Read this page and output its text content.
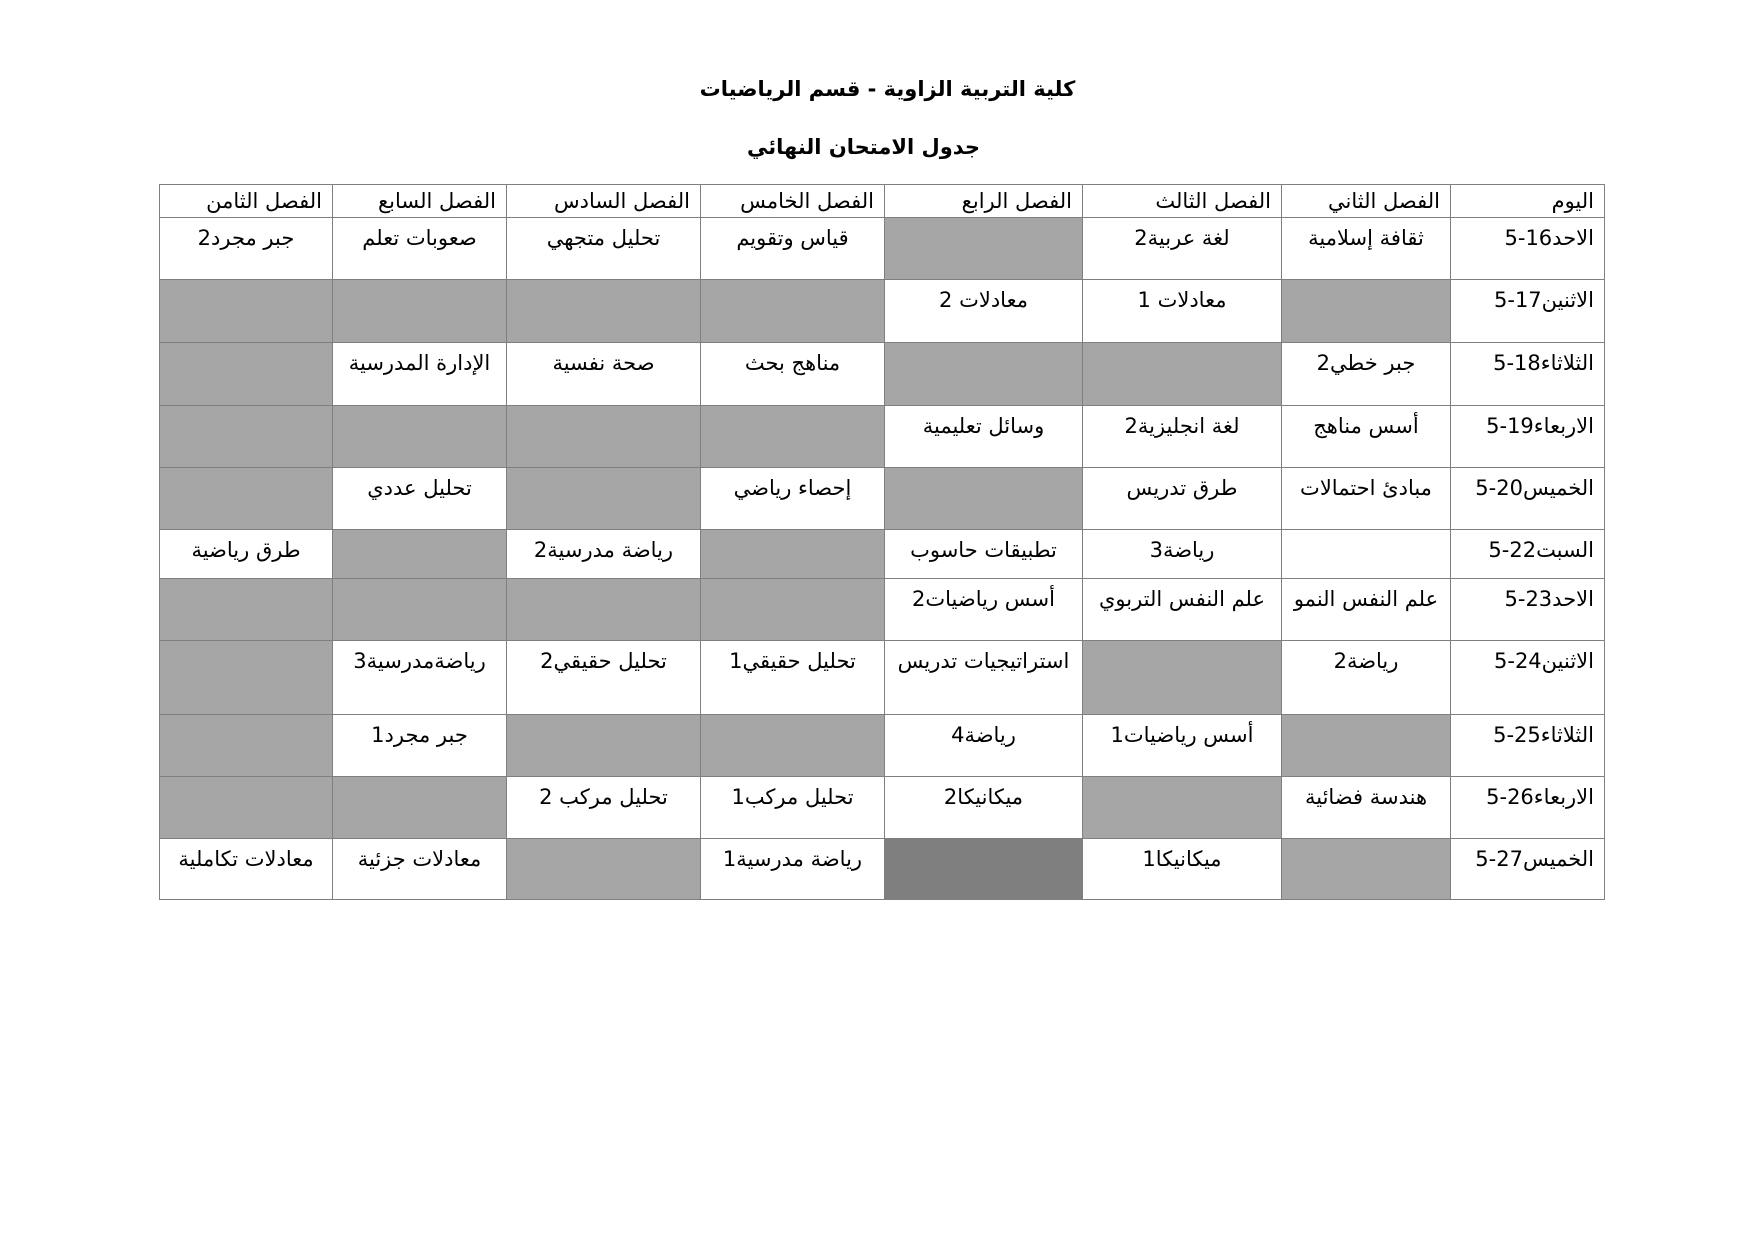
كلية التربية الزاوية - قسم الرياضيات
جدول الامتحان النهائي
اليوم	الفصل الثاني	الفصل الثالث	الفصل الرابع	الفصل الخامس	الفصل السادس	الفصل السابع	الفصل الثامن
الاحد16-5	ثقافة إسلامية	لغة عربية2		قياس وتقويم	تحليل متجهي	صعوبات تعلم	جبر مجرد2
الاثنين17-5		معادلات 1	معادلات 2				
الثلاثاء18-5	جبر خطي2			مناهج بحث	صحة نفسية	الإدارة المدرسية	
الاربعاء19-5	أسس مناهج	لغة انجليزية2	وسائل تعليمية				
الخميس20-5	مبادئ احتمالات	طرق تدريس		إحصاء رياضي		تحليل عددي	
السبت22-5		رياضة3	تطبيقات حاسوب		رياضة مدرسية2		طرق رياضية
الاحد23-5	علم النفس النمو	علم النفس التربوي	أسس رياضيات2				
الاثنين24-5	رياضة2		استراتيجيات تدريس	تحليل حقيقي1	تحليل حقيقي2	رياضةمدرسية3	
الثلاثاء25-5		أسس رياضيات1	رياضة4			جبر مجرد1	
الاربعاء26-5	هندسة فضائية		ميكانيكا2	تحليل مركب1	تحليل مركب 2		
الخميس27-5		ميكانيكا1		رياضة مدرسية1		معادلات جزئية	معادلات تكاملية
